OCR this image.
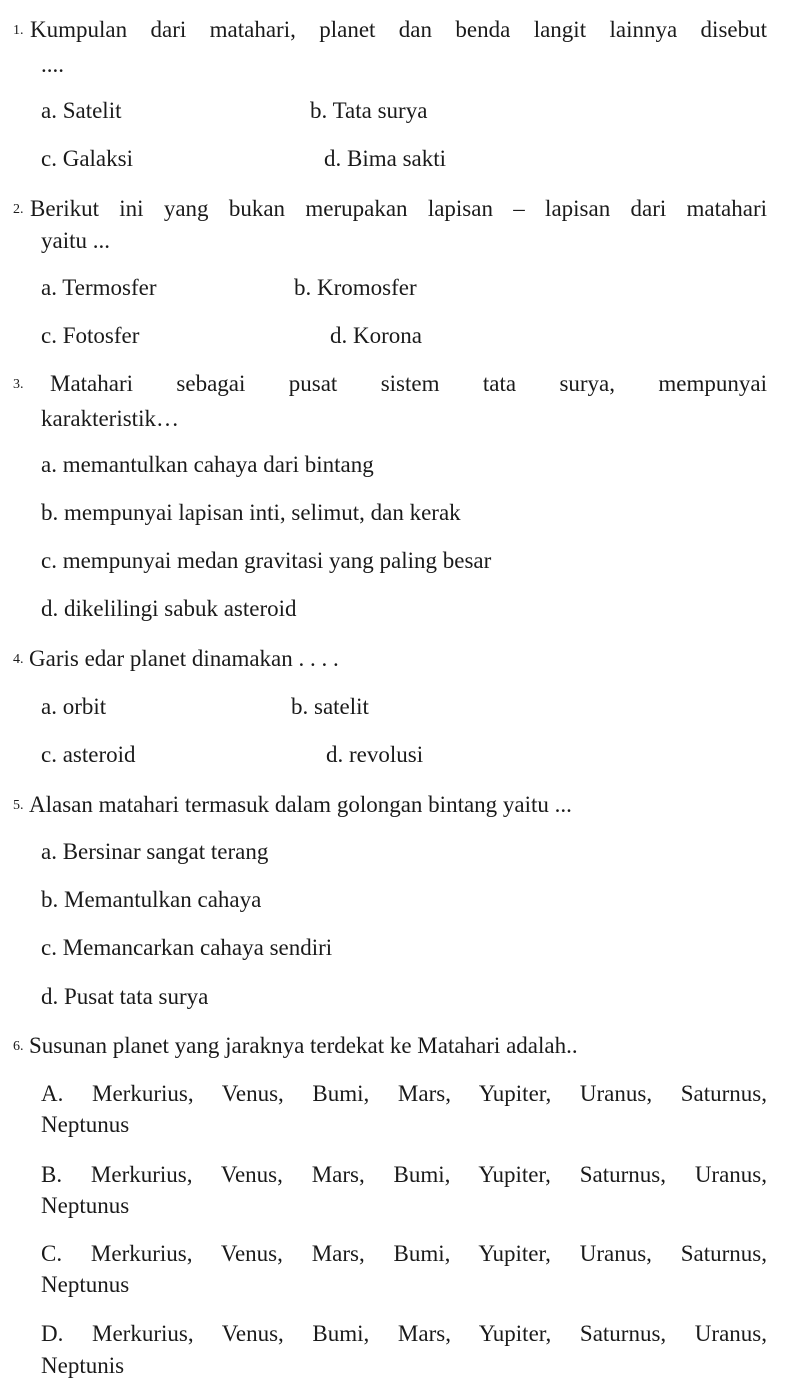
1. Kumpulan dari matahari, planet dan benda langit lainnya disebut
....
a. Satelit	b. Tata surya
c. Galaksi	d. Bima sakti
2. Berikut ini yang bukan merupakan lapisan – lapisan dari matahari
yaitu ...
a. Termosfer	b. Kromosfer
c. Fotosfer	d. Korona
3. Matahari sebagai pusat sistem tata surya, mempunyai
karakteristik…
a. memantulkan cahaya dari bintang
b. mempunyai lapisan inti, selimut, dan kerak
c. mempunyai medan gravitasi yang paling besar
d. dikelilingi sabuk asteroid
4. Garis edar planet dinamakan . . . .
a. orbit	b. satelit
c. asteroid	d. revolusi
5. Alasan matahari termasuk dalam golongan bintang yaitu ...
a. Bersinar sangat terang
b. Memantulkan cahaya
c. Memancarkan cahaya sendiri
d. Pusat tata surya
6. Susunan planet yang jaraknya terdekat ke Matahari adalah..
A. Merkurius, Venus, Bumi, Mars, Yupiter, Uranus, Saturnus,
Neptunus
B. Merkurius, Venus, Mars, Bumi, Yupiter, Saturnus, Uranus,
Neptunus
C. Merkurius, Venus, Mars, Bumi, Yupiter, Uranus, Saturnus,
Neptunus
D. Merkurius, Venus, Bumi, Mars, Yupiter, Saturnus, Uranus,
Neptunis
